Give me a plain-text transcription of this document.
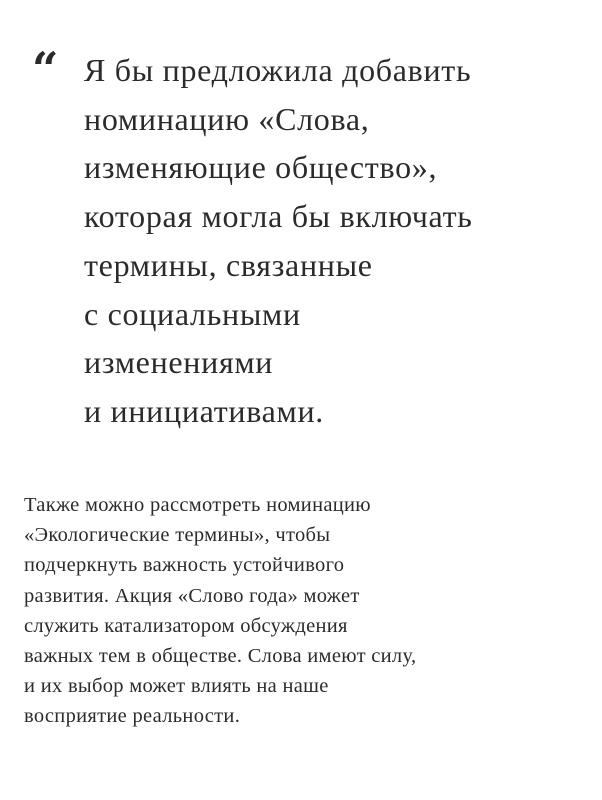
“ Я бы предложила добавить
номинацию «Слова,
изменяющие общество»,
которая могла бы включать
термины, связанные
с социальными
изменениями
и инициативами.
Также можно рассмотреть номинацию
«Экологические термины», чтобы
подчеркнуть важность устойчивого
развития. Акция «Слово года» может
служить катализатором обсуждения
важных тем в обществе. Слова имеют силу,
и их выбор может влиять на наше
восприятие реальности.
